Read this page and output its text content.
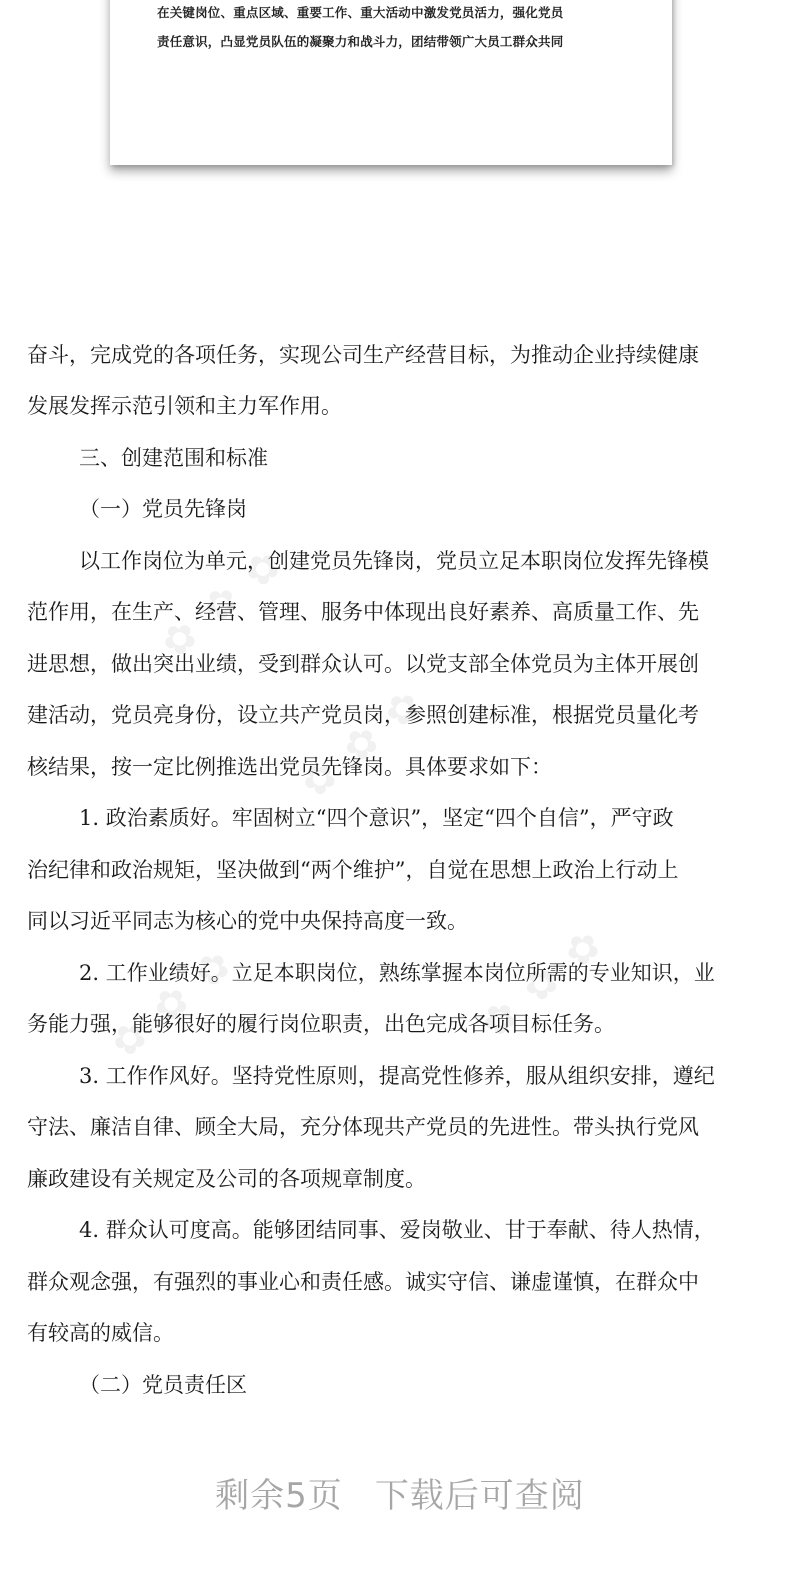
在关键岗位、重点区域、重要工作、重大活动中激发党员活力，强化党员
责任意识，凸显党员队伍的凝聚力和战斗力，团结带领广大员工群众共同
✿ ✿ ✿
✿ ✿ ✿
✿ ✿ ✿	✿ ✿ ✿
奋斗，完成党的各项任务，实现公司生产经营目标，为推动企业持续健康
发展发挥示范引领和主力军作用。
三、创建范围和标准
（一）党员先锋岗
以工作岗位为单元，创建党员先锋岗，党员立足本职岗位发挥先锋模
范作用，在生产、经营、管理、服务中体现出良好素养、高质量工作、先
进思想，做出突出业绩，受到群众认可。以党支部全体党员为主体开展创
建活动，党员亮身份，设立共产党员岗，参照创建标准，根据党员量化考
核结果，按一定比例推选出党员先锋岗。具体要求如下：
1. 政治素质好。牢固树立“四个意识”，坚定“四个自信”，严守政
治纪律和政治规矩，坚决做到“两个维护”，自觉在思想上政治上行动上
同以习近平同志为核心的党中央保持高度一致。
2. 工作业绩好。立足本职岗位，熟练掌握本岗位所需的专业知识，业
务能力强，能够很好的履行岗位职责，出色完成各项目标任务。
3. 工作作风好。坚持党性原则，提高党性修养，服从组织安排，遵纪
守法、廉洁自律、顾全大局，充分体现共产党员的先进性。带头执行党风
廉政建设有关规定及公司的各项规章制度。
4. 群众认可度高。能够团结同事、爱岗敬业、甘于奉献、待人热情，
群众观念强，有强烈的事业心和责任感。诚实守信、谦虚谨慎，在群众中
有较高的威信。
（二）党员责任区
剩余5页 下载后可查阅
